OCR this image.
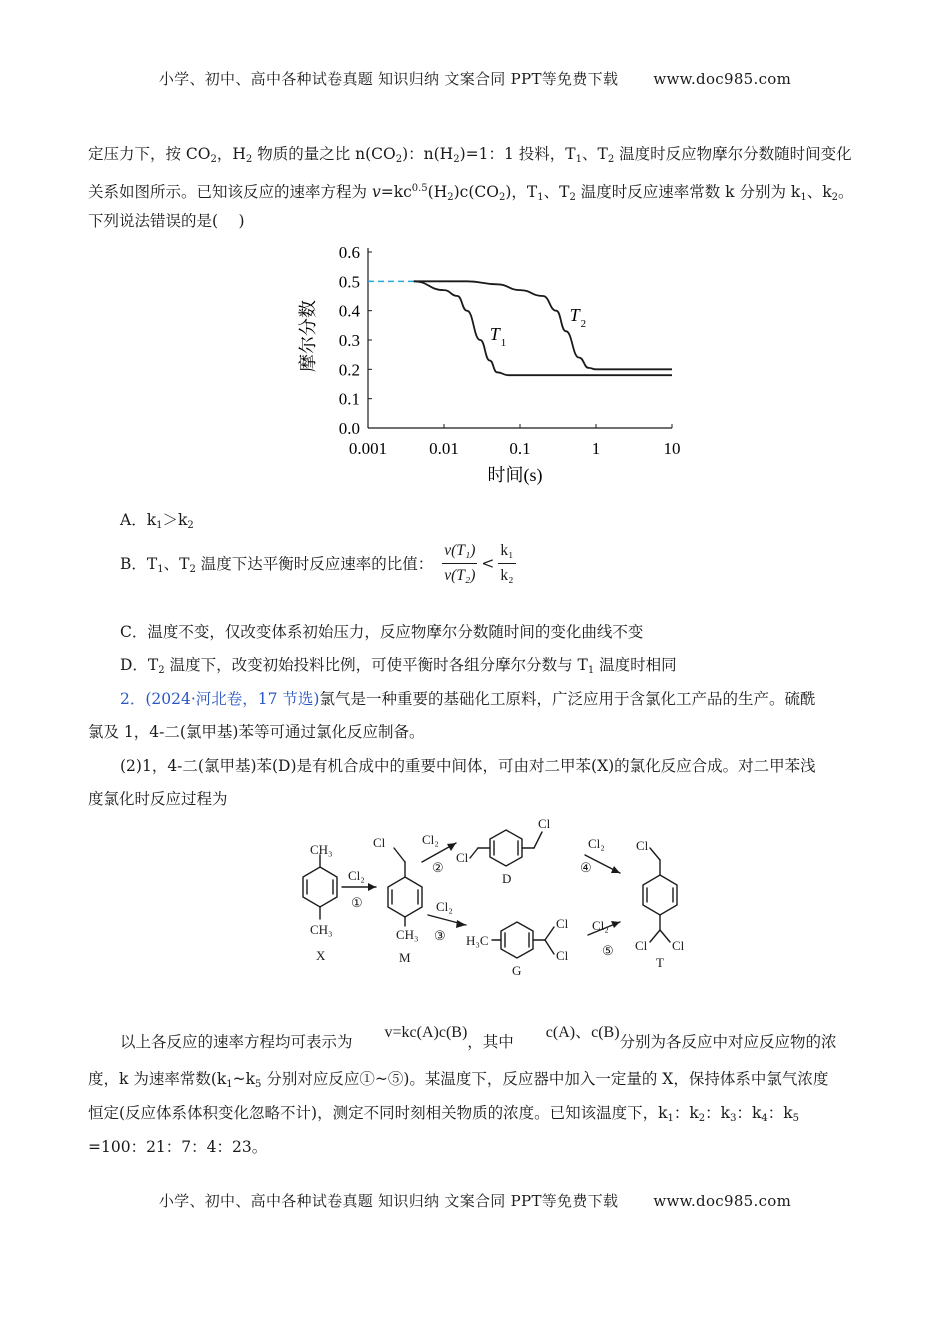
小学、初中、高中各种试卷真题 知识归纳 文案合同 PPT等免费下载 www.doc985.com
定压力下，按 $CO_2$，$H_2$ 物质的量之比 $n(CO_2)$：$n(H_2)=1$：1 投料，$T_1$、$T_2$ 温度时反应物摩尔分数随时间变化
关系如图所示。已知该反应的速率方程为 $v=kc^{0.5}(H_2)c(CO_2)$，$T_1$、$T_2$ 温度时反应速率常数 k 分别为 $k_1$、$k_2$。
下列说法错误的是(　 )
0.0
0.1
0.2
0.3
0.4
0.5
0.6
0.001 0.01	0.1	1	10
T 1
T 2
摩尔分数
时间(s)
A．$k_1>k_2$
B．$T_1$、$T_2$ 温度下达平衡时反应速率的比值： $\frac{\text{v(T₁)}}{\text{v(T₂)}} < \frac{\text{k₁}}{\text{k₂}}$
C．温度不变，仅改变体系初始压力，反应物摩尔分数随时间的变化曲线不变
D．$T_2$ 温度下，改变初始投料比例，可使平衡时各组分摩尔分数与 $T_1$ 温度时相同
2．(2024·河北卷，17 节选)氯气是一种重要的基础化工原料，广泛应用于含氯化工产品的生产。硫酰
氯及 1，4-二(氯甲基)苯等可通过氯化反应制备。
(2)1，4-二(氯甲基)苯(D)是有机合成中的重要中间体，可由对二甲苯(X)的氯化反应合成。对二甲苯浅
度氯化时反应过程为
CH₃
CH₃
X
Cl₂
①
Cl
CH₃
M
Cl₂
②
Cl
Cl
D
Cl₂
③ H₃C
Cl
Cl
G
Cl₂
④
Cl₂
⑤
Cl
Cl Cl
T
以上各反应的速率方程均可表示为v=kc(A)c(B)，其中c(A)、c(B)分别为各反应中对应反应物的浓
度，k 为速率常数($k_1\sim k_5$ 分别对应反应①~⑤)。某温度下，反应器中加入一定量的 X，保持体系中氯气浓度
恒定(反应体系体积变化忽略不计)，测定不同时刻相关物质的浓度。已知该温度下，$k_1$：$k_2$：$k_3$：$k_4$：$k_5$
=100：21：7：4：23。
小学、初中、高中各种试卷真题 知识归纳 文案合同 PPT等免费下载 www.doc985.com
